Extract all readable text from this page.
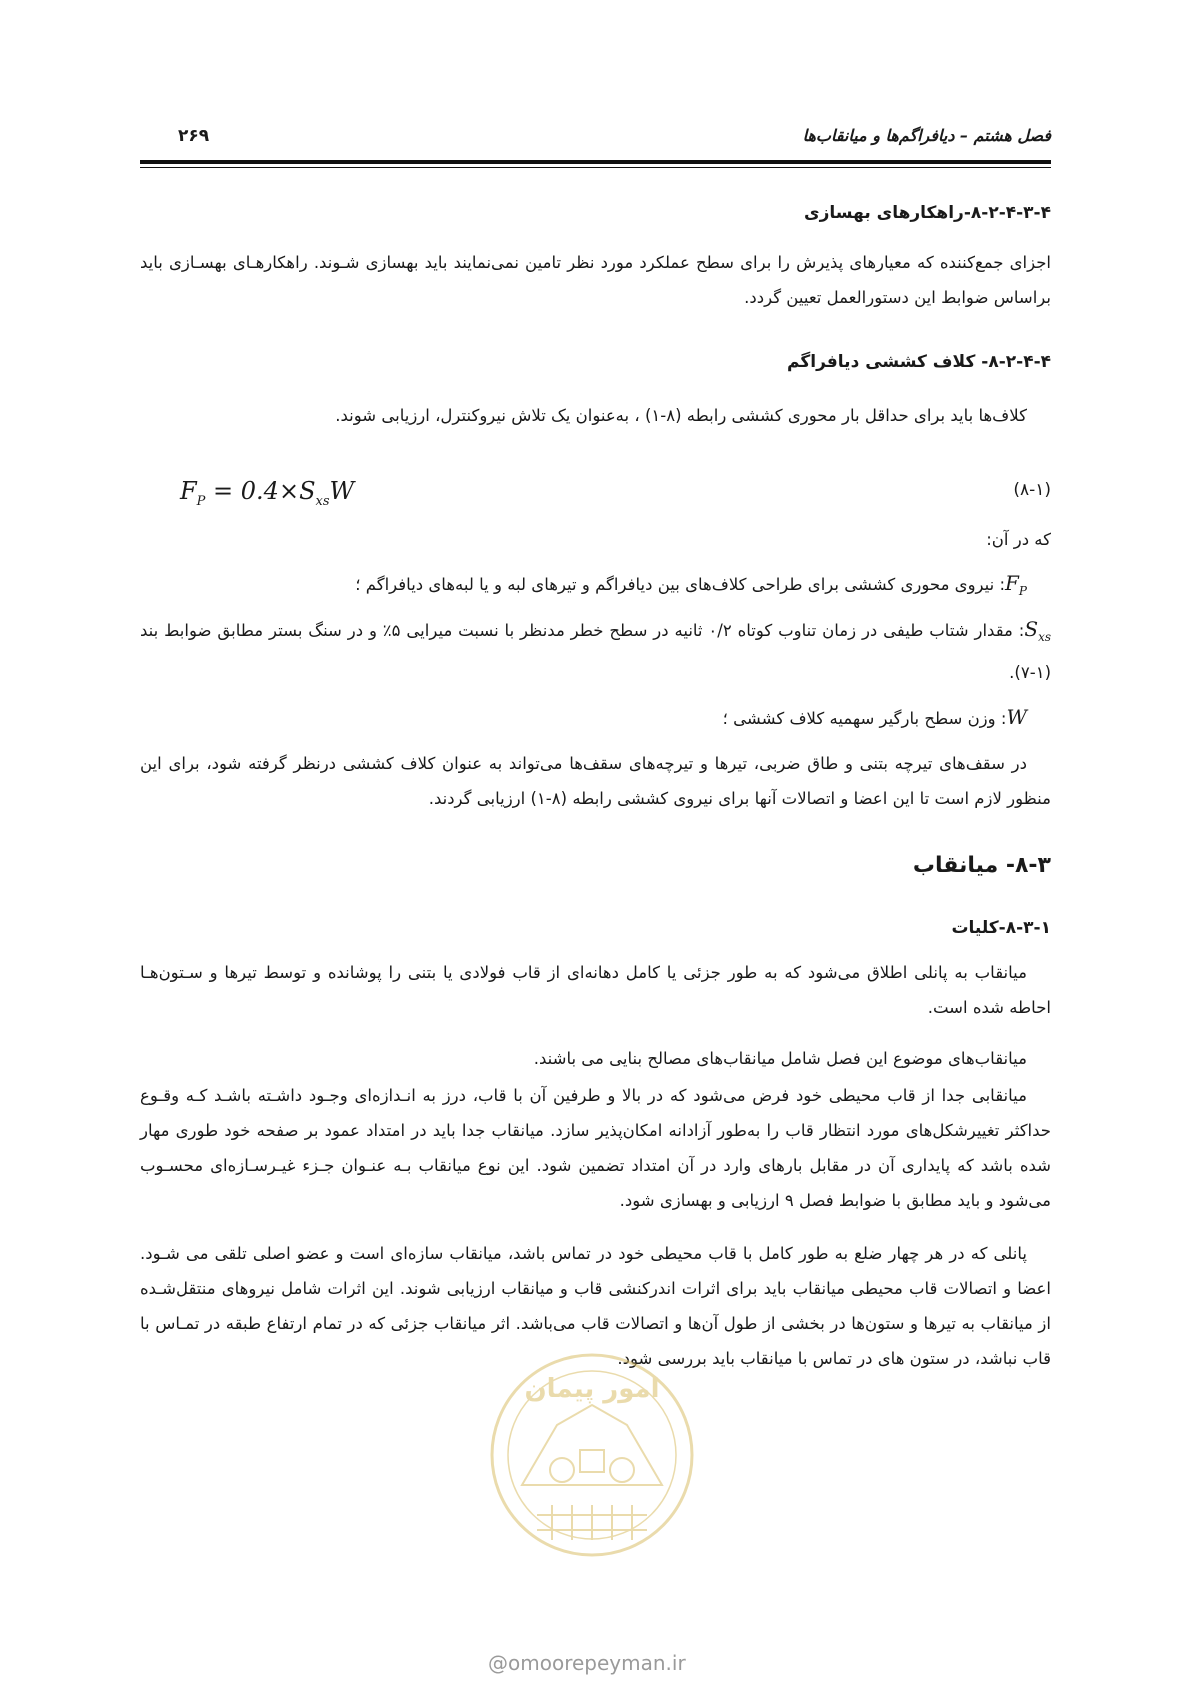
فصل هشتم – دیافراگم‌ها و میانقاب‌ها
۲۶۹
۸-۲-۴-۳-۴-راهکارهای بهسازی
اجزای جمع‌کننده که معیارهای پذیرش را برای سطح عملکرد مورد نظر تامین نمی‌نمایند باید بهسازی شـوند. راهکارهـای بهسـازی باید براساس ضوابط این دستورالعمل تعیین گردد.
۸-۲-۴-۴- کلاف کششی دیافراگم
کلاف‌ها باید برای حداقل بار محوری کششی رابطه (۸-۱) ، به‌عنوان یک تلاش نیروکنترل، ارزیابی شوند.
$F_P = 0.4\times S_{xs}W$	(۸-۱)
که در آن:
$F_P$: نیروی محوری کششی برای طراحی کلاف‌های بین دیافراگم و تیرهای لبه و یا لبه‌های دیافراگم ؛
$S_{xs}$: مقدار شتاب طیفی در زمان تناوب کوتاه ۰/۲ ثانیه در سطح خطر مدنظر با نسبت میرایی ۵٪ و در سنگ بستر مطابق ضوابط بند (۱-۷).
W: وزن سطح بارگیر سهمیه کلاف کششی ؛
در سقف‌های تیرچه بتنی و طاق ضربی، تیرها و تیرچه‌های سقف‌ها می‌تواند به عنوان کلاف کششی درنظر گرفته شود، برای این منظور لازم است تا این اعضا و اتصالات آنها برای نیروی کششی رابطه (۸-۱) ارزیابی گردند.
۸-۳- میانقاب
۸-۳-۱-کلیات
میانقاب به پانلی اطلاق می‌شود که به طور جزئی یا کامل دهانه‌ای از قاب فولادی یا بتنی را پوشانده و توسط تیرها و سـتون‌هـا احاطه شده است.
میانقاب‌های موضوع این فصل شامل میانقاب‌های مصالح بنایی می باشند.
میانقابی جدا از قاب محیطی خود فرض می‌شود که در بالا و طرفین آن با قاب، درز به انـدازه‌ای وجـود داشـته باشـد کـه وقـوع حداکثر تغییرشکل‌های مورد انتظار قاب را به‌طور آزادانه امکان‌پذیر سازد. میانقاب جدا باید در امتداد عمود بر صفحه خود طوری مهار شده باشد که پایداری آن در مقابل بارهای وارد در آن امتداد تضمین شود. این نوع میانقاب بـه عنـوان جـزء غیـرسـازه‌ای محسـوب می‌شود و باید مطابق با ضوابط فصل ۹ ارزیابی و بهسازی شود.
پانلی که در هر چهار ضلع به طور کامل با قاب محیطی خود در تماس باشد، میانقاب سازه‌ای است و عضو اصلی تلقی می شـود. اعضا و اتصالات قاب محیطی میانقاب باید برای اثرات اندرکنشی قاب و میانقاب ارزیابی شوند. این اثرات شامل نیروهای منتقل‌شـده از میانقاب به تیرها و ستون‌ها در بخشی از طول آن‌ها و اتصالات قاب می‌باشد. اثر میانقاب جزئی که در تمام ارتفاع طبقه در تمـاس با قاب نباشد، در ستون های در تماس با میانقاب باید بررسی شود.
امور پیمان
@omoorepeyman.ir
